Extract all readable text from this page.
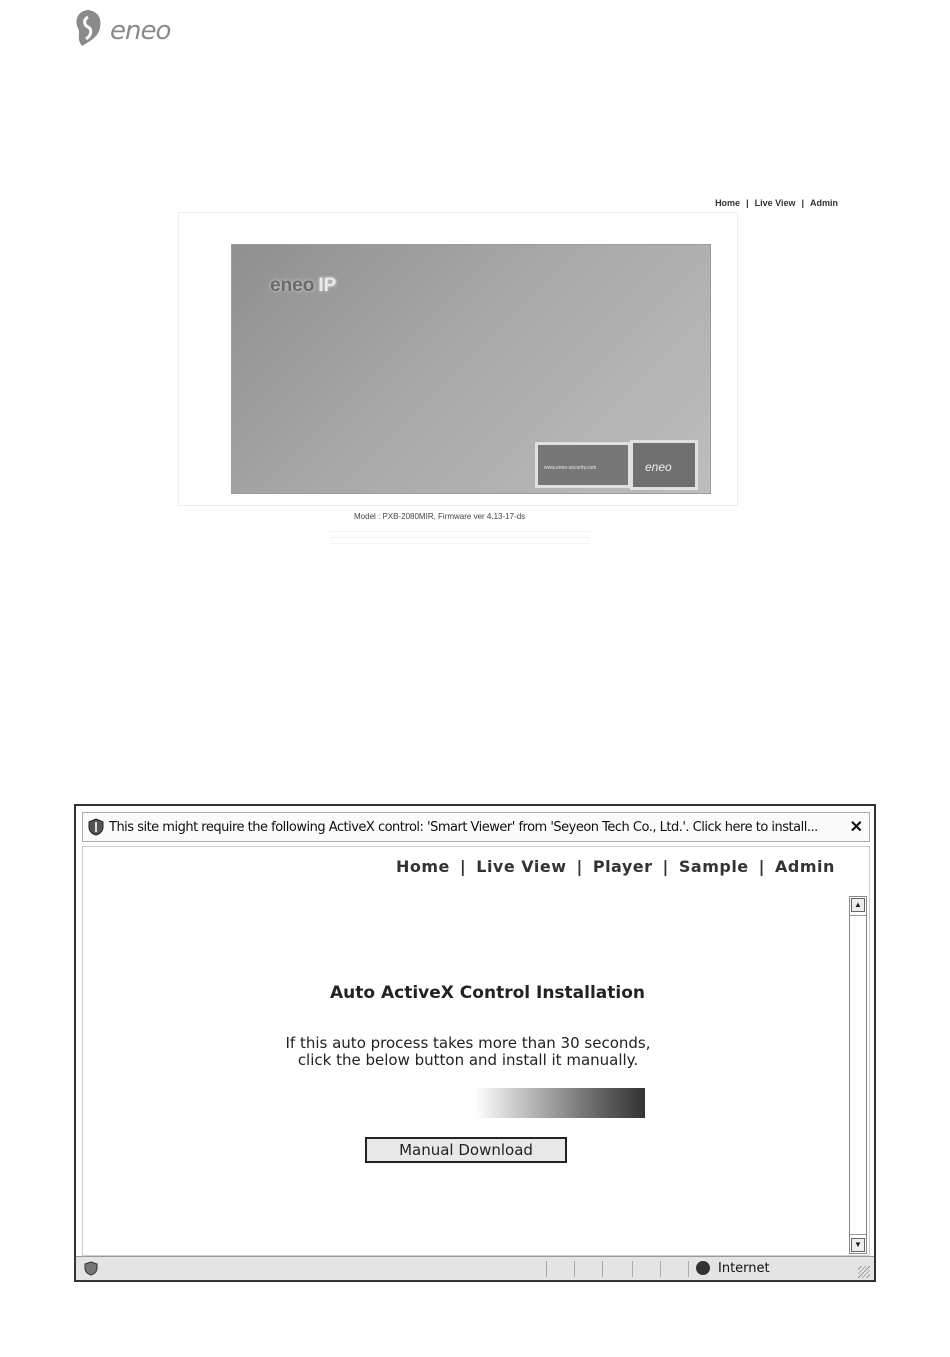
eneo
Home | Live View | Admin
eneo IP
www.eneo-security.com	eneo
Model : PXB-2080MIR, Firmware ver 4.13-17-ds
This site might require the following ActiveX control: 'Smart Viewer' from 'Seyeon Tech Co., Ltd.'. Click here to install... ✕
Home | Live View | Player | Sample | Admin
▲
▼
Auto ActiveX Control Installation
If this auto process takes more than 30 seconds,
click the below button and install it manually.
Manual Download
Internet
